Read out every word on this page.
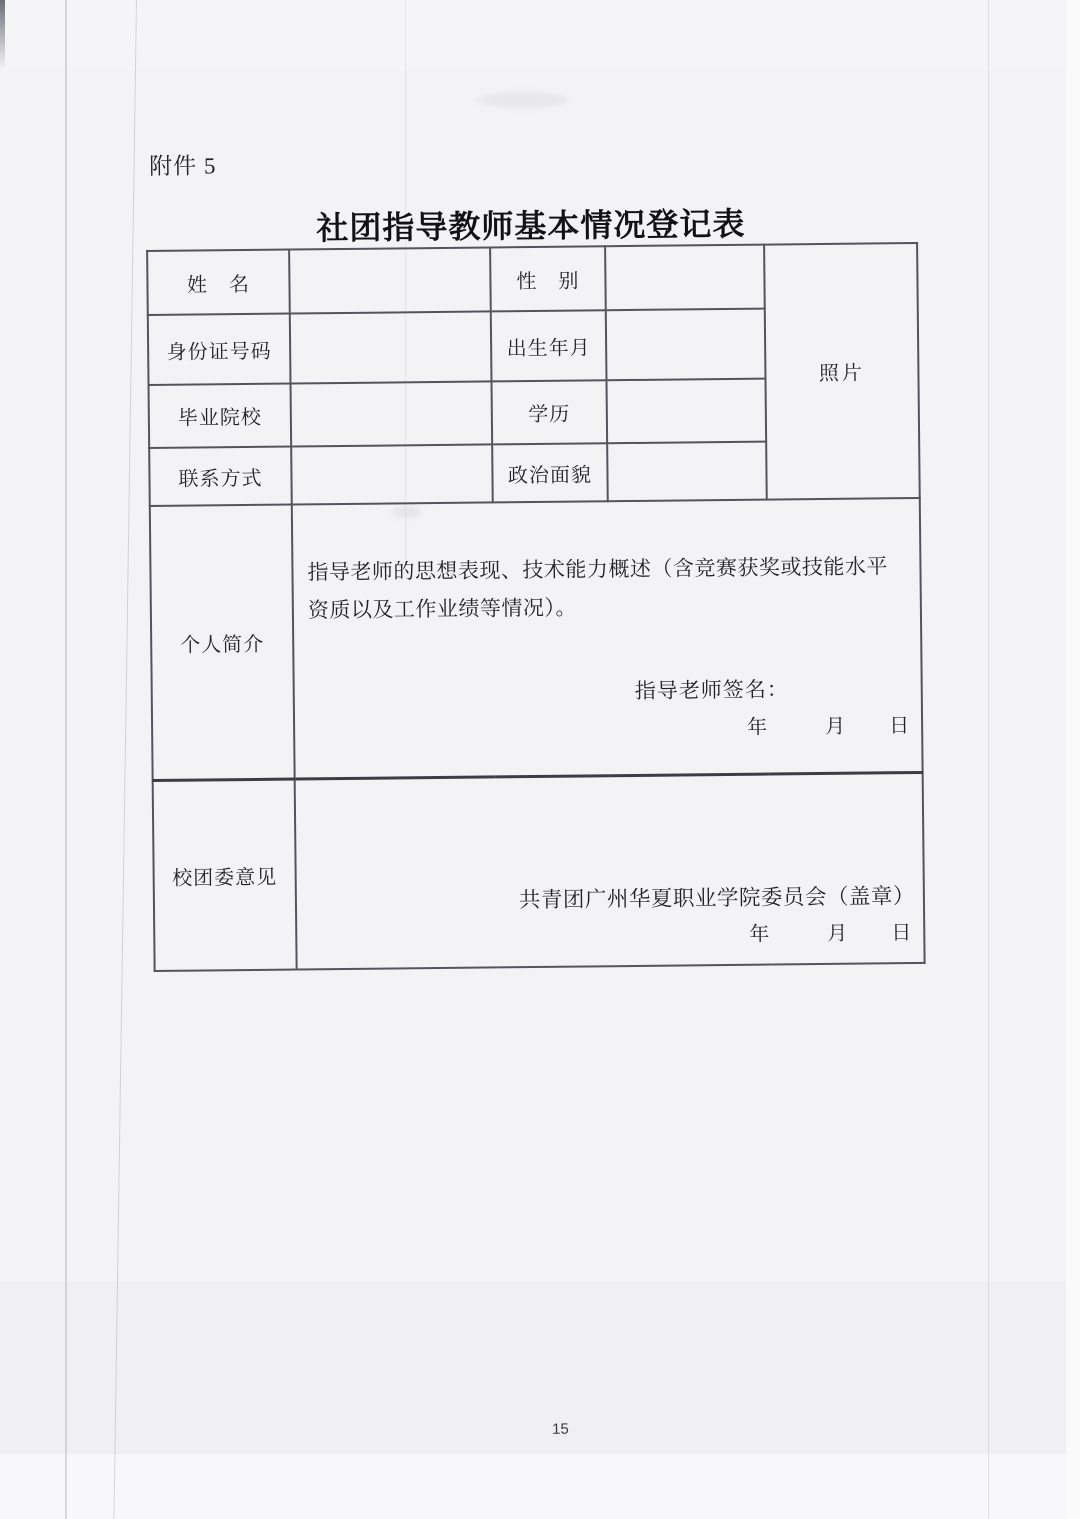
附件 5
社团指导教师基本情况登记表
姓　名		性　别		照片
身份证号码		出生年月		
毕业院校		学历		
联系方式		政治面貌		
个人简介	指导老师的思想表现、技术能力概述（含竞赛获奖或技能水平资质以及工作业绩等情况）。

指导老师签名：
年 月 日			

校团委意见	共青团广州华夏职业学院委员会（盖章）
年 月 日			
15
